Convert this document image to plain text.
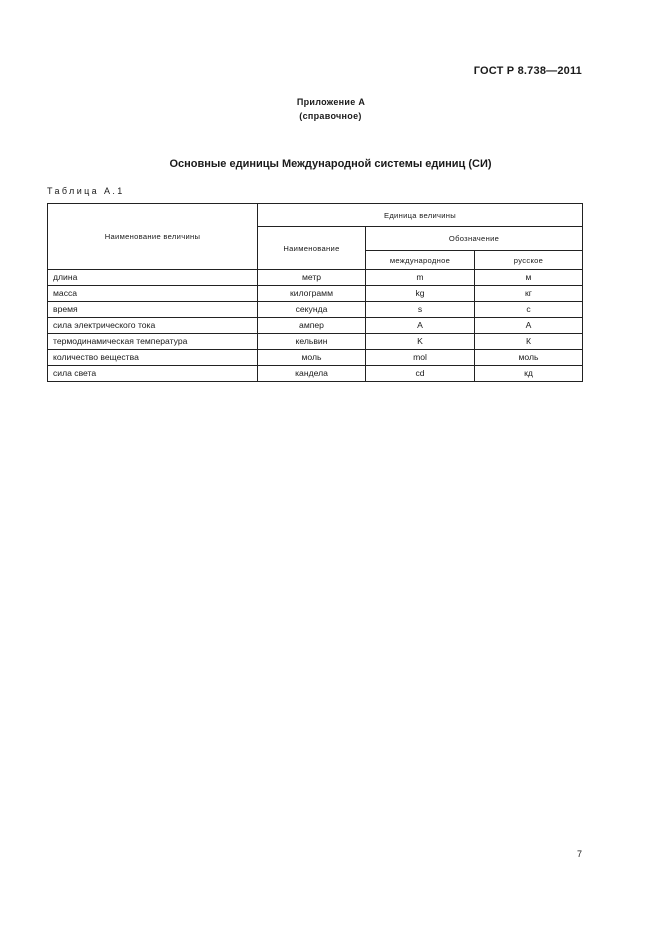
ГОСТ Р 8.738—2011
Приложение А
(справочное)
Основные единицы Международной системы единиц (СИ)
Таблица А.1
Наименование величины	Единица величины		
	Наименование	Обозначение	
		международное	русское
длина	метр	m	м
масса	килограмм	kg	кг
время	секунда	s	с
сила электрического тока	ампер	A	А
термодинамическая температура	кельвин	K	К
количество вещества	моль	mol	моль
сила света	кандела	cd	кд
7
